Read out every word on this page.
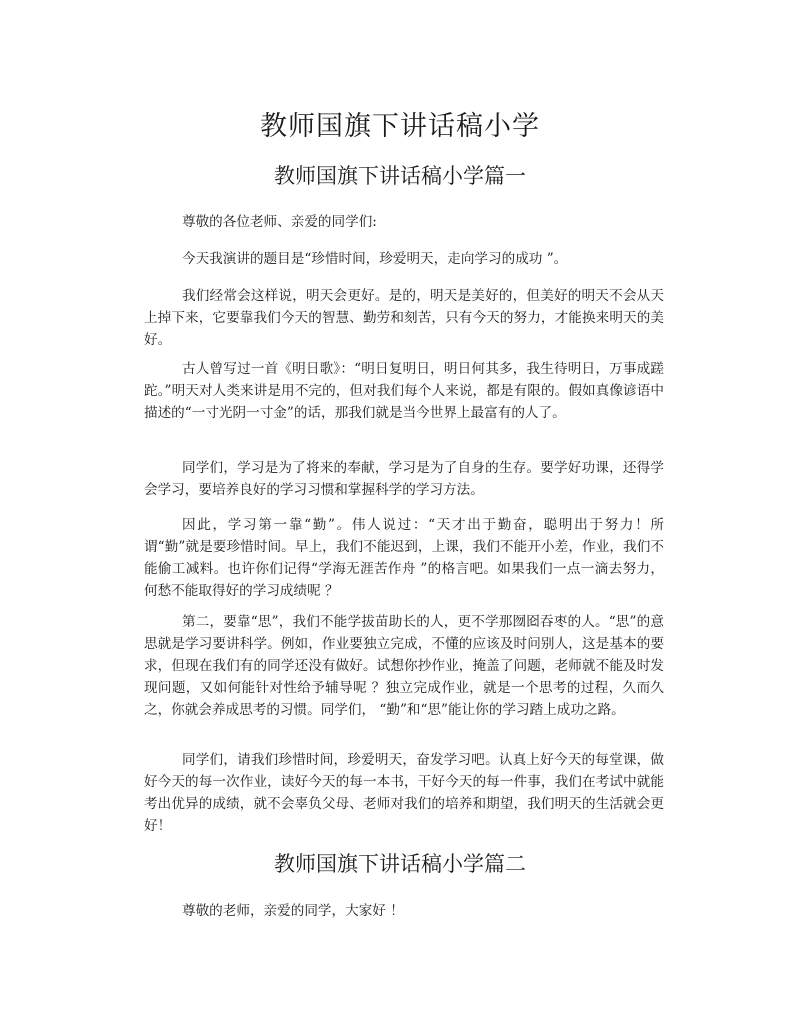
教师国旗下讲话稿小学
教师国旗下讲话稿小学篇一

尊敬的各位老师、亲爱的同学们:

今天我演讲的题目是“珍惜时间，珍爱明天，走向学习的成功 ”。

我们经常会这样说，明天会更好。是的，明天是美好的，但美好的明天不会从天上掉下来，它要靠我们今天的智慧、勤劳和刻苦，只有今天的努力，才能换来明天的美好。

古人曾写过一首《明日歌》：“明日复明日，明日何其多，我生待明日，万事成蹉跎。”明天对人类来讲是用不完的，但对我们每个人来说，都是有限的。假如真像谚语中描述的“一寸光阴一寸金”的话，那我们就是当今世界上最富有的人了。

同学们，学习是为了将来的奉献，学习是为了自身的生存。要学好功课，还得学会学习，要培养良好的学习习惯和掌握科学的学习方法。

因此，学习第一靠“勤”。伟人说过：“天才出于勤奋，聪明出于努力！所谓“勤”就是要珍惜时间。早上，我们不能迟到，上课，我们不能开小差，作业，我们不能偷工减料。也许你们记得“学海无涯苦作舟 ”的格言吧。如果我们一点一滴去努力，何愁不能取得好的学习成绩呢 ？

第二，要靠“思”，我们不能学拔苗助长的人，更不学那囫囵吞枣的人。“思”的意思就是学习要讲科学。例如，作业要独立完成，不懂的应该及时问别人，这是基本的要求，但现在我们有的同学还没有做好。试想你抄作业，掩盖了问题，老师就不能及时发现问题，又如何能针对性给予辅导呢 ？独立完成作业，就是一个思考的过程，久而久之，你就会养成思考的习惯。同学们， “勤”和“思”能让你的学习踏上成功之路。

同学们，请我们珍惜时间，珍爱明天，奋发学习吧。认真上好今天的每堂课，做好今天的每一次作业，读好今天的每一本书，干好今天的每一件事，我们在考试中就能考出优异的成绩，就不会辜负父母、老师对我们的培养和期望，我们明天的生活就会更好！

教师国旗下讲话稿小学篇二

尊敬的老师，亲爱的同学，大家好 ！
